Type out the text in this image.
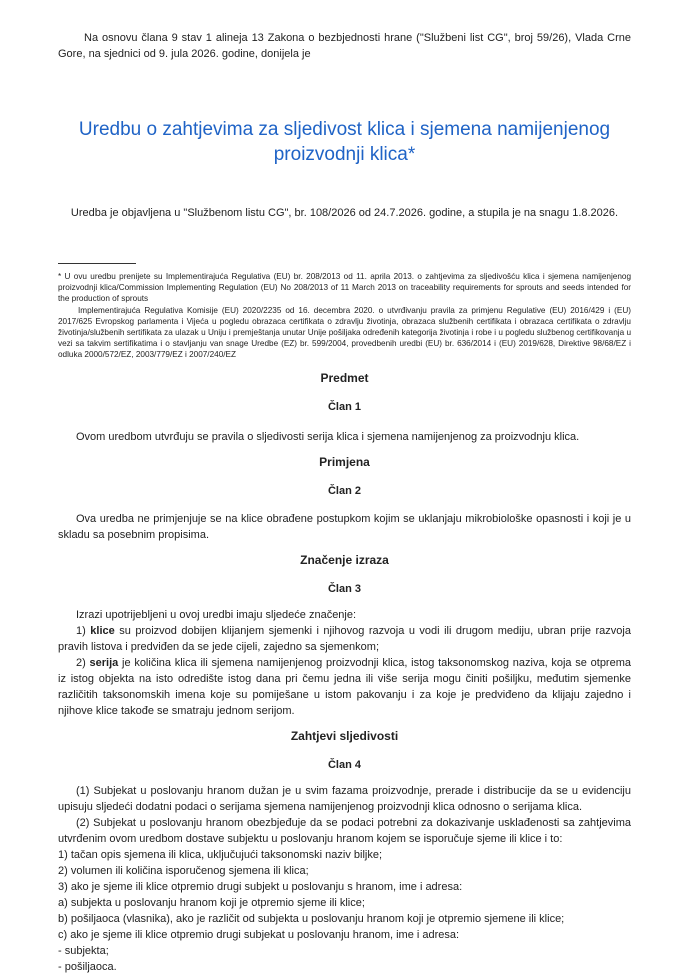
Na osnovu člana 9 stav 1 alineja 13 Zakona o bezbjednosti hrane ("Službeni list CG", broj 59/26), Vlada Crne Gore, na sjednici od 9. jula 2026. godine, donijela je

Uredbu o zahtjevima za sljedivost klica i sjemena namijenjenog proizvodnji klica*

Uredba je objavljena u "Službenom listu CG", br. 108/2026 od 24.7.2026. godine, a stupila je na snagu 1.8.2026.

* U ovu uredbu prenijete su Implementirajuća Regulativa (EU) br. 208/2013 od 11. aprila 2013. o zahtjevima za sljedivošću klica i sjemena namijenjenog proizvodnji klica/Commission Implementing Regulation (EU) No 208/2013 of 11 March 2013 on traceability requirements for sprouts and seeds intended for the production of sprouts

Implementirajuća Regulativa Komisije (EU) 2020/2235 od 16. decembra 2020. o utvrđivanju pravila za primjenu Regulative (EU) 2016/429 i (EU) 2017/625 Evropskog parlamenta i Vijeća u pogledu obrazaca certifikata o zdravlju životinja, obrazaca službenih certifikata i obrazaca certifikata o zdravlju životinja/službenih sertifikata za ulazak u Uniju i premještanja unutar Unije pošiljaka određenih kategorija životinja i robe i u pogledu službenog certifikovanja u vezi sa takvim sertifikatima i o stavljanju van snage Uredbe (EZ) br. 599/2004, provedbenih uredbi (EU) br. 636/2014 i (EU) 2019/628, Direktive 98/68/EZ i odluka 2000/572/EZ, 2003/779/EZ i 2007/240/EZ

Predmet

Član 1

Ovom uredbom utvrđuju se pravila o sljedivosti serija klica i sjemena namijenjenog za proizvodnju klica.

Primjena

Član 2

Ova uredba ne primjenjuje se na klice obrađene postupkom kojim se uklanjaju mikrobiološke opasnosti i koji je u skladu sa posebnim propisima.

Značenje izraza

Član 3

Izrazi upotrijebljeni u ovoj uredbi imaju sljedeće značenje:

1) klice su proizvod dobijen klijanjem sjemenki i njihovog razvoja u vodi ili drugom mediju, ubran prije razvoja pravih listova i predviđen da se jede cijeli, zajedno sa sjemenkom;

2) serija je količina klica ili sjemena namijenjenog proizvodnji klica, istog taksonomskog naziva, koja se otprema iz istog objekta na isto odredište istog dana pri čemu jedna ili više serija mogu činiti pošiljku, međutim sjemenke različitih taksonomskih imena koje su pomiješane u istom pakovanju i za koje je predviđeno da klijaju zajedno i njihove klice takođe se smatraju jednom serijom.

Zahtjevi sljedivosti

Član 4

(1) Subjekat u poslovanju hranom dužan je u svim fazama proizvodnje, prerade i distribucije da se u evidenciju upisuju sljedeći dodatni podaci o serijama sjemena namijenjenog proizvodnji klica odnosno o serijama klica.

(2) Subjekat u poslovanju hranom obezbjeđuje da se podaci potrebni za dokazivanje usklađenosti sa zahtjevima utvrđenim ovom uredbom dostave subjektu u poslovanju hranom kojem se isporučuje sjeme ili klice i to:

1) tačan opis sjemena ili klica, uključujući taksonomski naziv biljke;

2) volumen ili količina isporučenog sjemena ili klica;

3) ako je sjeme ili klice otpremio drugi subjekt u poslovanju s hranom, ime i adresa:

a) subjekta u poslovanju hranom koji je otpremio sjeme ili klice;

b) pošiljaoca (vlasnika), ako je različit od subjekta u poslovanju hranom koji je otpremio sjemene ili klice;

c) ako je sjeme ili klice otpremio drugi subjekat u poslovanju hranom, ime i adresa:

- subjekta;

- pošiljaoca.
